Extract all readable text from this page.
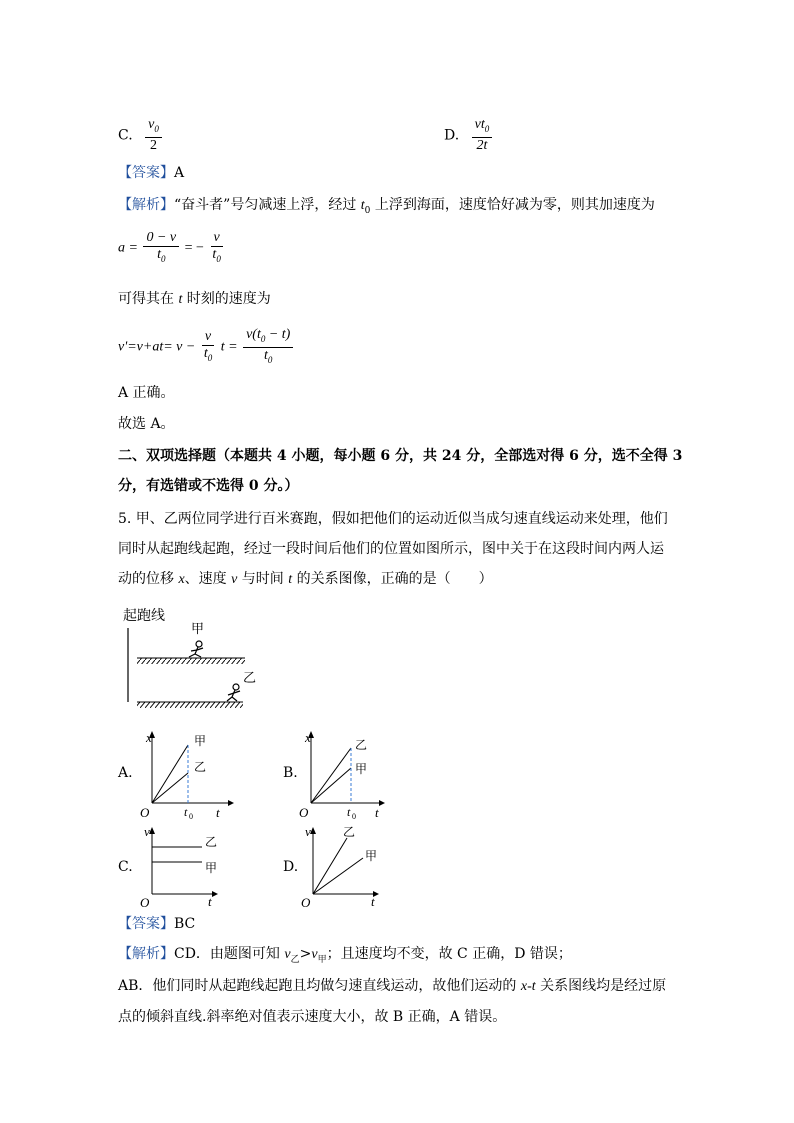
C. $\frac{v_0}{2}$	D. $\frac{vt_0}{2t}$
【答案】A
【解析】“奋斗者”号匀减速上浮，经过 $t_0$ 上浮到海面，速度恰好减为零，则其加速度为
$a = \frac{0 - v}{t_0}$ = − $\frac{v}{t_0}$
可得其在 t 时刻的速度为
$v'=v+at= v - \frac{v}{t_0}$ $t = \frac{v(t_0 - t)}{t_0}$
A 正确。
故选 A。
二、双项选择题（本题共 4 小题，每小题 6 分，共 24 分，全部选对得 6 分，选不全得 3
分，有选错或不选得 0 分。）
5. 甲、乙两位同学进行百米赛跑，假如把他们的运动近似当成匀速直线运动来处理，他们
同时从起跑线起跑，经过一段时间后他们的位置如图所示，图中关于在这段时间内两人运
动的位移 x、速度 v 与时间 t 的关系图像，正确的是（　　）
起跑线
甲
乙
A.
x
t
O	t 0
甲
乙	B.
x
t
O	t 0
乙
甲
C.
v
t
O
乙
甲	D.
v
t
O
乙
甲
【答案】BC
【解析】CD．由题图可知 $v_乙>v_甲$；且速度均不变，故 C 正确，D 错误；
AB．他们同时从起跑线起跑且均做匀速直线运动，故他们运动的 x-t 关系图线均是经过原
点的倾斜直线.斜率绝对值表示速度大小，故 B 正确，A 错误。
